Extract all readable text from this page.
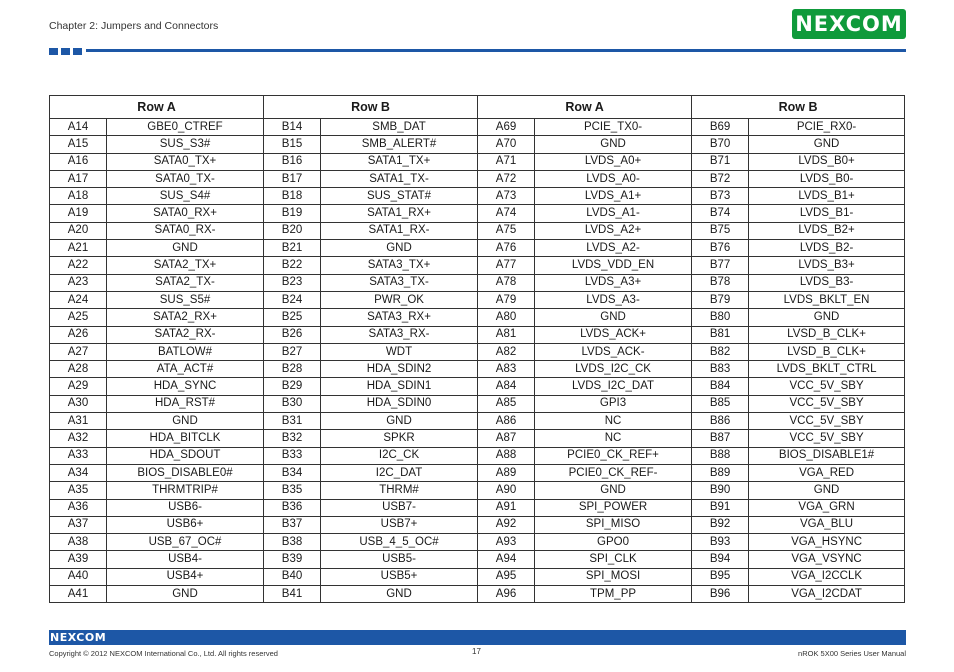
Chapter 2: Jumpers and Connectors	NEXCOM
Row A		Row B		Row A		Row B	
A14	GBE0_CTREF	B14	SMB_DAT	A69	PCIE_TX0-	B69	PCIE_RX0-
A15	SUS_S3#	B15	SMB_ALERT#	A70	GND	B70	GND
A16	SATA0_TX+	B16	SATA1_TX+	A71	LVDS_A0+	B71	LVDS_B0+
A17	SATA0_TX-	B17	SATA1_TX-	A72	LVDS_A0-	B72	LVDS_B0-
A18	SUS_S4#	B18	SUS_STAT#	A73	LVDS_A1+	B73	LVDS_B1+
A19	SATA0_RX+	B19	SATA1_RX+	A74	LVDS_A1-	B74	LVDS_B1-
A20	SATA0_RX-	B20	SATA1_RX-	A75	LVDS_A2+	B75	LVDS_B2+
A21	GND	B21	GND	A76	LVDS_A2-	B76	LVDS_B2-
A22	SATA2_TX+	B22	SATA3_TX+	A77	LVDS_VDD_EN	B77	LVDS_B3+
A23	SATA2_TX-	B23	SATA3_TX-	A78	LVDS_A3+	B78	LVDS_B3-
A24	SUS_S5#	B24	PWR_OK	A79	LVDS_A3-	B79	LVDS_BKLT_EN
A25	SATA2_RX+	B25	SATA3_RX+	A80	GND	B80	GND
A26	SATA2_RX-	B26	SATA3_RX-	A81	LVDS_ACK+	B81	LVSD_B_CLK+
A27	BATLOW#	B27	WDT	A82	LVDS_ACK-	B82	LVSD_B_CLK+
A28	ATA_ACT#	B28	HDA_SDIN2	A83	LVDS_I2C_CK	B83	LVDS_BKLT_CTRL
A29	HDA_SYNC	B29	HDA_SDIN1	A84	LVDS_I2C_DAT	B84	VCC_5V_SBY
A30	HDA_RST#	B30	HDA_SDIN0	A85	GPI3	B85	VCC_5V_SBY
A31	GND	B31	GND	A86	NC	B86	VCC_5V_SBY
A32	HDA_BITCLK	B32	SPKR	A87	NC	B87	VCC_5V_SBY
A33	HDA_SDOUT	B33	I2C_CK	A88	PCIE0_CK_REF+	B88	BIOS_DISABLE1#
A34	BIOS_DISABLE0#	B34	I2C_DAT	A89	PCIE0_CK_REF-	B89	VGA_RED
A35	THRMTRIP#	B35	THRM#	A90	GND	B90	GND
A36	USB6-	B36	USB7-	A91	SPI_POWER	B91	VGA_GRN
A37	USB6+	B37	USB7+	A92	SPI_MISO	B92	VGA_BLU
A38	USB_67_OC#	B38	USB_4_5_OC#	A93	GPO0	B93	VGA_HSYNC
A39	USB4-	B39	USB5-	A94	SPI_CLK	B94	VGA_VSYNC
A40	USB4+	B40	USB5+	A95	SPI_MOSI	B95	VGA_I2CCLK
A41	GND	B41	GND	A96	TPM_PP	B96	VGA_I2CDAT
NEXCOM
Copyright © 2012 NEXCOM International Co., Ltd. All rights reserved	17	nROK 5X00 Series User Manual
